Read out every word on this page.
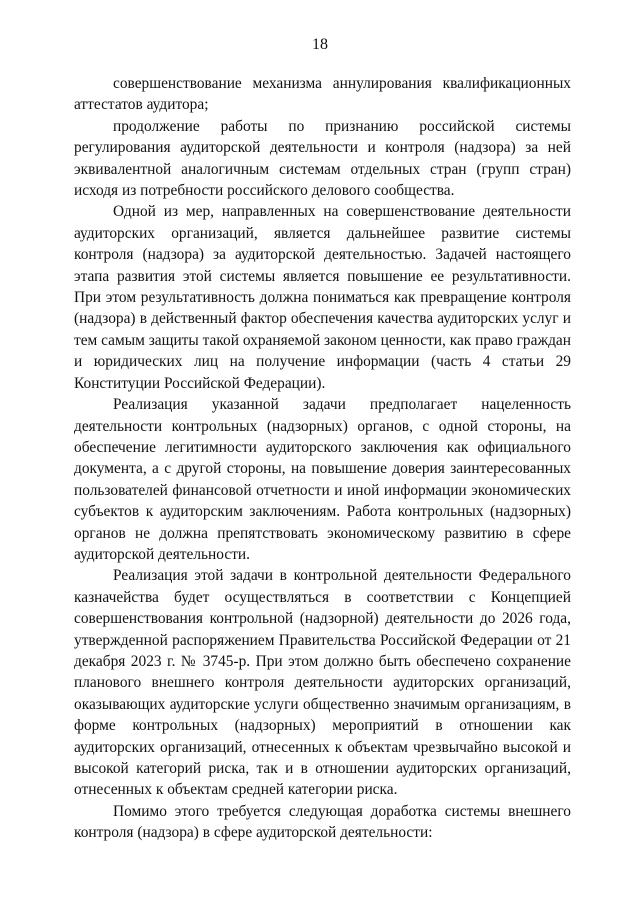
18

совершенствование механизма аннулирования квалификационных аттестатов аудитора;

продолжение работы по признанию российской системы регулирования аудиторской деятельности и контроля (надзора) за ней эквивалентной аналогичным системам отдельных стран (групп стран) исходя из потребности российского делового сообщества.

Одной из мер, направленных на совершенствование деятельности аудиторских организаций, является дальнейшее развитие системы контроля (надзора) за аудиторской деятельностью. Задачей настоящего этапа развития этой системы является повышение ее результативности. При этом результативность должна пониматься как превращение контроля (надзора) в действенный фактор обеспечения качества аудиторских услуг и тем самым защиты такой охраняемой законом ценности, как право граждан и юридических лиц на получение информации (часть 4 статьи 29 Конституции Российской Федерации).

Реализация указанной задачи предполагает нацеленность деятельности контрольных (надзорных) органов, с одной стороны, на обеспечение легитимности аудиторского заключения как официального документа, а с другой стороны, на повышение доверия заинтересованных пользователей финансовой отчетности и иной информации экономических субъектов к аудиторским заключениям. Работа контрольных (надзорных) органов не должна препятствовать экономическому развитию в сфере аудиторской деятельности.

Реализация этой задачи в контрольной деятельности Федерального казначейства будет осуществляться в соответствии с Концепцией совершенствования контрольной (надзорной) деятельности до 2026 года, утвержденной распоряжением Правительства Российской Федерации от 21 декабря 2023 г. № 3745-р. При этом должно быть обеспечено сохранение планового внешнего контроля деятельности аудиторских организаций, оказывающих аудиторские услуги общественно значимым организациям, в форме контрольных (надзорных) мероприятий в отношении как аудиторских организаций, отнесенных к объектам чрезвычайно высокой и высокой категорий риска, так и в отношении аудиторских организаций, отнесенных к объектам средней категории риска.

Помимо этого требуется следующая доработка системы внешнего контроля (надзора) в сфере аудиторской деятельности:
